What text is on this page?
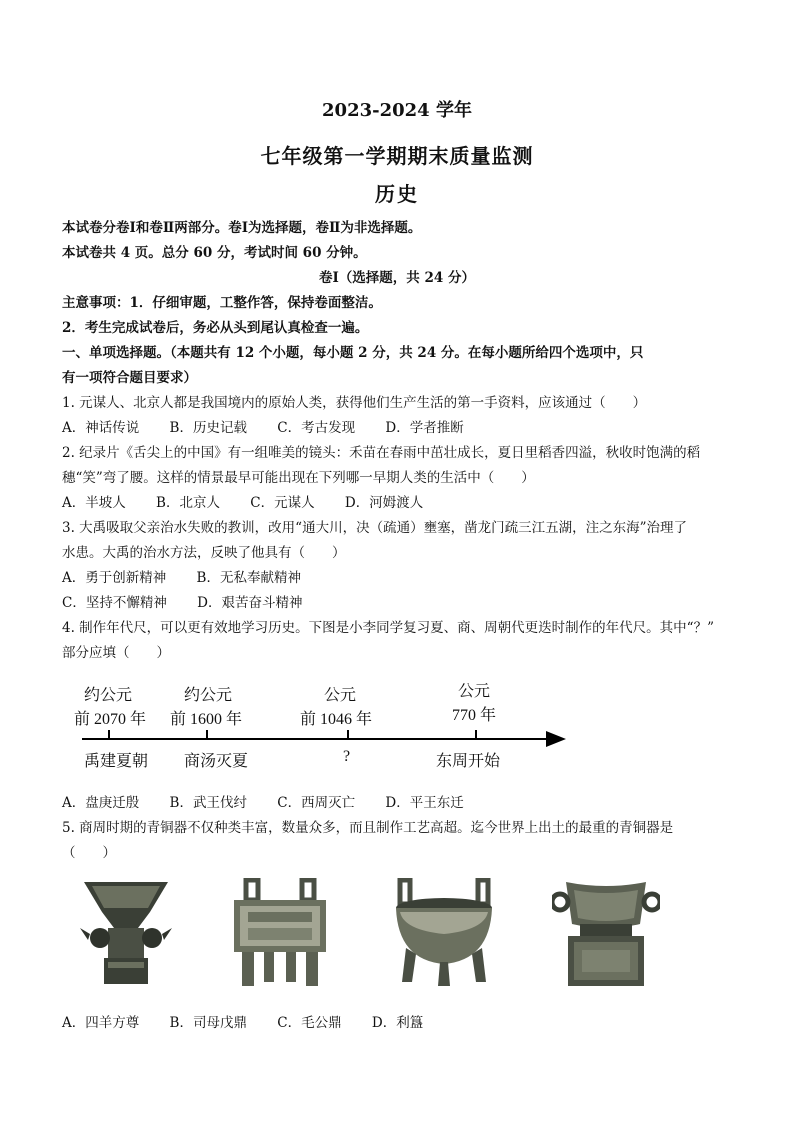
2023-2024 学年
七年级第一学期期末质量监测
历史
本试卷分卷Ⅰ和卷Ⅱ两部分。卷Ⅰ为选择题，卷Ⅱ为非选择题。
本试卷共 4 页。总分 60 分，考试时间 60 分钟。
卷Ⅰ（选择题，共 24 分）
主意事项：1．仔细审题，工整作答，保持卷面整洁。
2．考生完成试卷后，务必从头到尾认真检查一遍。
一、单项选择题。（本题共有 12 个小题，每小题 2 分，共 24 分。在每小题所给四个选项中，只
有一项符合题目要求）
1. 元谋人、北京人都是我国境内的原始人类，获得他们生产生活的第一手资料，应该通过（　　）
A．神话传说 B．历史记载 C．考古发现 D．学者推断
2. 纪录片《舌尖上的中国》有一组唯美的镜头：禾苗在春雨中茁壮成长，夏日里稻香四溢，秋收时饱满的稻
穗“笑”弯了腰。这样的情景最早可能出现在下列哪一早期人类的生活中（　　）
A．半坡人 B．北京人 C．元谋人 D．河姆渡人
3. 大禹吸取父亲治水失败的教训，改用“通大川，决（疏通）壅塞，凿龙门疏三江五湖，注之东海”治理了
水患。大禹的治水方法，反映了他具有（　　）
A．勇于创新精神 B．无私奉献精神
C．坚持不懈精神 D．艰苦奋斗精神
4. 制作年代尺，可以更有效地学习历史。下图是小李同学复习夏、商、周朝代更迭时制作的年代尺。其中“？”
部分应填（　　）
约公元
前 2070 年
约公元
前 1600 年
公元
前 1046 年
公元
770 年
禹建夏朝 商汤灭夏	?	东周开始
A．盘庚迁殷 B．武王伐纣 C．西周灭亡 D．平王东迁
5. 商周时期的青铜器不仅种类丰富，数量众多，而且制作工艺高超。迄今世界上出土的最重的青铜器是
（　　）
A．四羊方尊 B．司母戊鼎 C．毛公鼎 D．利簋
